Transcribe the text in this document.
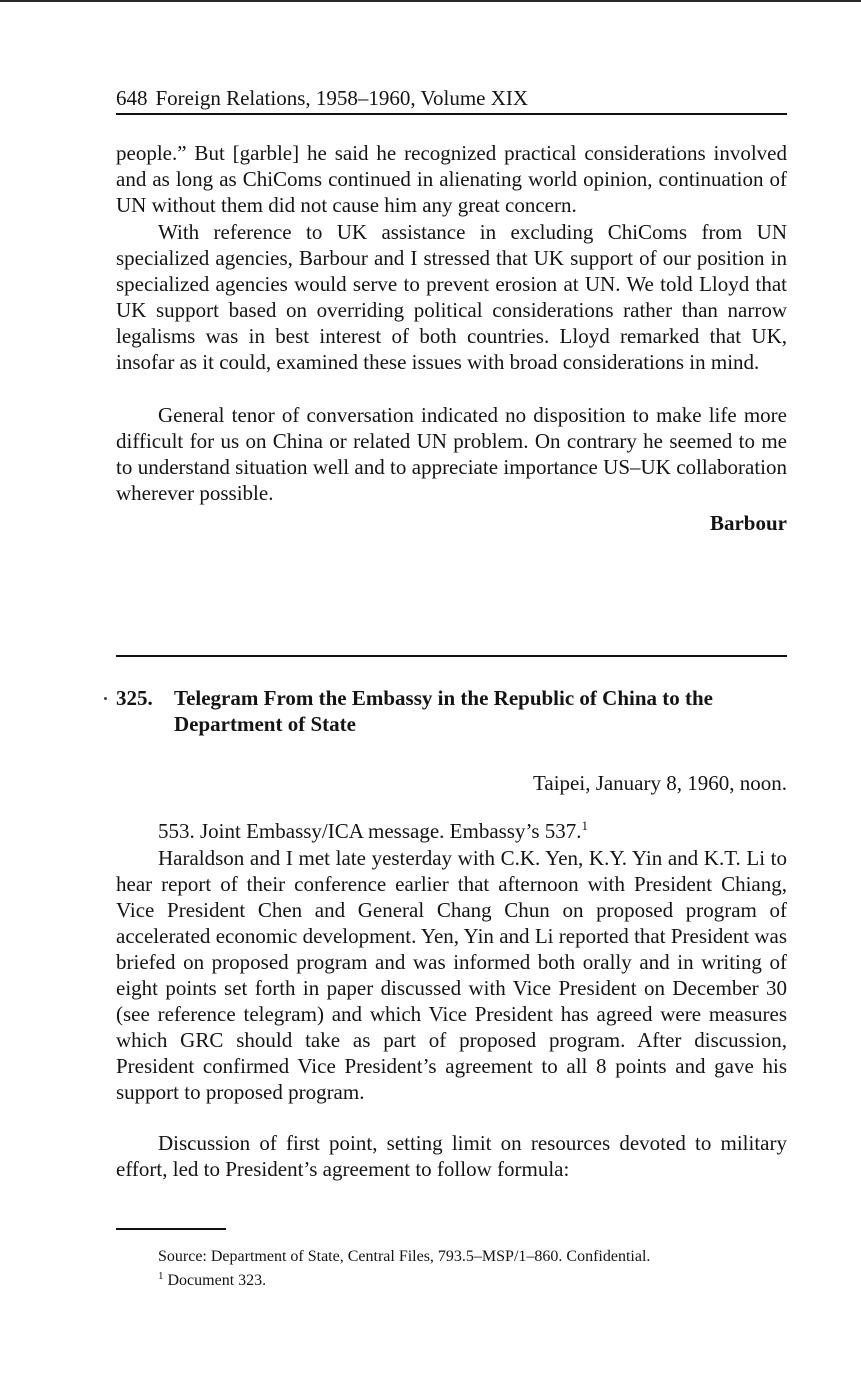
648 Foreign Relations, 1958–1960, Volume XIX
people.” But [garble] he said he recognized practical considerations involved and as long as ChiComs continued in alienating world opinion, continuation of UN without them did not cause him any great concern.
With reference to UK assistance in excluding ChiComs from UN specialized agencies, Barbour and I stressed that UK support of our position in specialized agencies would serve to prevent erosion at UN. We told Lloyd that UK support based on overriding political considerations rather than narrow legalisms was in best interest of both countries. Lloyd remarked that UK, insofar as it could, examined these issues with broad considerations in mind.
General tenor of conversation indicated no disposition to make life more difficult for us on China or related UN problem. On contrary he seemed to me to understand situation well and to appreciate importance US–UK collaboration wherever possible.
Barbour
325. Telegram From the Embassy in the Republic of China to the Department of State
Taipei, January 8, 1960, noon.
553. Joint Embassy/ICA message. Embassy’s 537.$^1$
Haraldson and I met late yesterday with C.K. Yen, K.Y. Yin and K.T. Li to hear report of their conference earlier that afternoon with President Chiang, Vice President Chen and General Chang Chun on proposed program of accelerated economic development. Yen, Yin and Li reported that President was briefed on proposed program and was informed both orally and in writing of eight points set forth in paper discussed with Vice President on December 30 (see reference telegram) and which Vice President has agreed were measures which GRC should take as part of proposed program. After discussion, President confirmed Vice President’s agreement to all 8 points and gave his support to proposed program.
Discussion of first point, setting limit on resources devoted to military effort, led to President’s agreement to follow formula:
Source: Department of State, Central Files, 793.5–MSP/1–860. Confidential.
$^1$ Document 323.
